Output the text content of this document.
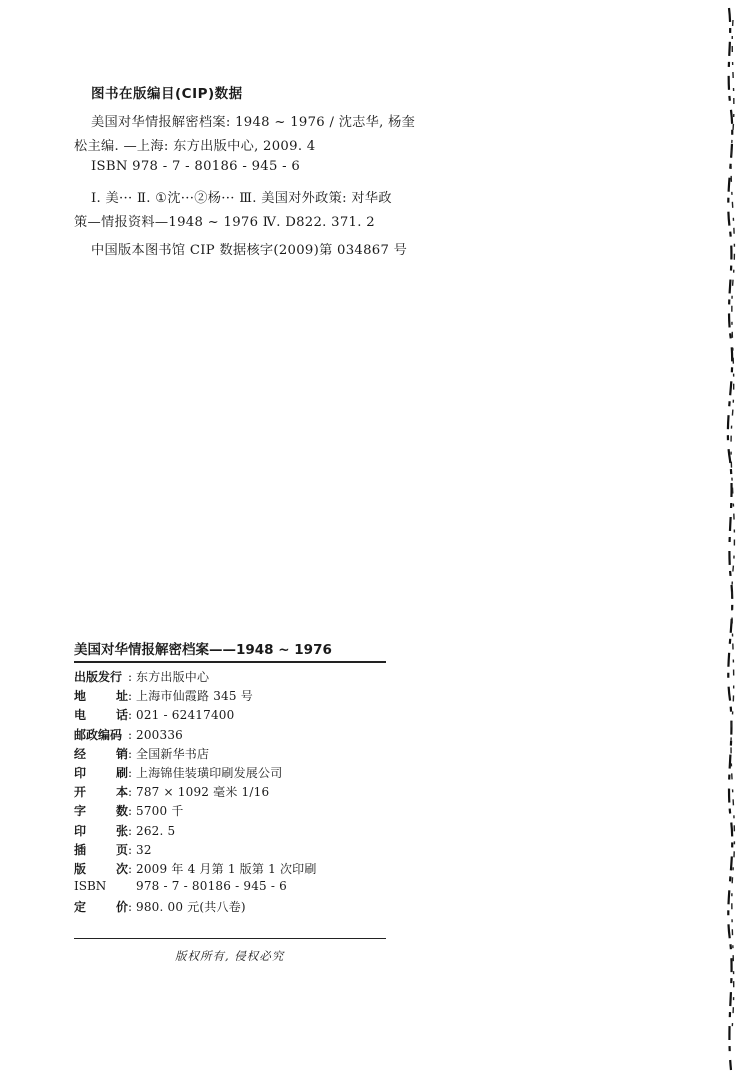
图书在版编目(CIP)数据
美国对华情报解密档案: 1948 ~ 1976 / 沈志华, 杨奎
松主编. —上海: 东方出版中心, 2009. 4
ISBN 978 - 7 - 80186 - 945 - 6
Ⅰ. 美··· Ⅱ. ①沈···②杨··· Ⅲ. 美国对外政策: 对华政
策—情报资料—1948 ~ 1976 Ⅳ. D822. 371. 2
中国版本图书馆 CIP 数据核字(2009)第 034867 号
美国对华情报解密档案——1948 ~ 1976
出版发行 : 东方出版中心
地 址 : 上海市仙霞路 345 号
电 话 : 021 - 62417400
邮政编码 : 200336
经 销 : 全国新华书店
印 刷 : 上海锦佳装璜印刷发展公司
开 本 : 787 × 1092 毫米 1/16
字 数 : 5700 千
印 张 : 262. 5
插 页 : 32
版 次 : 2009 年 4 月第 1 版第 1 次印刷
ISBN 978 - 7 - 80186 - 945 - 6
定 价 : 980. 00 元(共八卷)
版权所有, 侵权必究
